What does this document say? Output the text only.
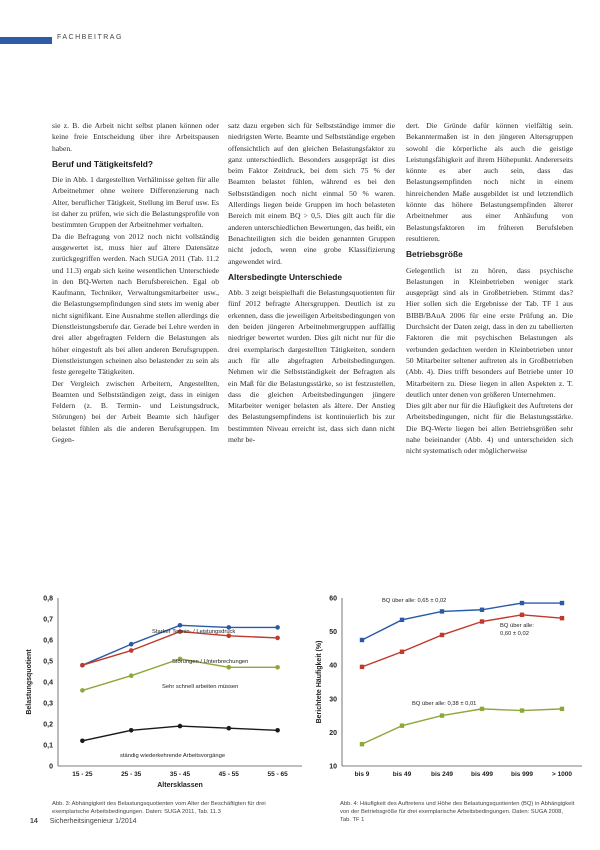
FACHBEITRAG

sie z. B. die Arbeit nicht selbst planen können oder keine freie Entscheidung über ihre Arbeitspausen haben.

Beruf und Tätigkeitsfeld?

Die in Abb. 1 dargestellten Verhältnisse gelten für alle Arbeitnehmer ohne weitere Differenzierung nach Alter, beruflicher Tätigkeit, Stellung im Beruf usw. Es ist daher zu prüfen, wie sich die Belastungsprofile von bestimmten Gruppen der Arbeitnehmer verhalten.

Da die Befragung von 2012 noch nicht vollständig ausgewertet ist, muss hier auf ältere Datensätze zurückgegriffen werden. Nach SUGA 2011 (Tab. 11.2 und 11.3) ergab sich keine wesentlichen Unterschiede in den BQ-Werten nach Berufsbereichen. Egal ob Kaufmann, Techniker, Verwaltungsmitarbeiter usw., die Belastungsempfindungen sind stets im wenig aber nicht signifikant. Eine Ausnahme stellen allerdings die Dienstleistungsberufe dar. Gerade bei Lehre werden in drei aller abgefragten Feldern die Belastungen als höher eingestuft als bei allen anderen Berufsgruppen. Dienstleistungen scheinen also belastender zu sein als feste geregelte Tätigkeiten.

Der Vergleich zwischen Arbeitern, Angestellten, Beamten und Selbstständigen zeigt, dass in einigen Feldern (z. B. Termin- und Leistungsdruck, Störungen) bei der Arbeit Beamte sich häufiger belastet fühlen als die anderen Berufsgruppen. Im Gegen-

satz dazu ergeben sich für Selbstständige immer die niedrigsten Werte. Beamte und Selbstständige ergeben offensichtlich auf den gleichen Belastungsfaktor zu ganz unterschiedlich. Besonders ausgeprägt ist dies beim Faktor Zeitdruck, bei dem sich 75 % der Beamten belastet fühlen, während es bei den Selbstständigen noch nicht einmal 50 % waren. Allerdings liegen beide Gruppen im hoch belasteten Bereich mit einem BQ > 0,5. Dies gilt auch für die anderen unterschiedlichen Bewertungen, das heißt, ein Benachteiligten sich die beiden genannten Gruppen nicht jedoch, wenn eine grobe Klassifizierung angewendet wird.

Altersbedingte Unterschiede

Abb. 3 zeigt beispielhaft die Belastungsquotienten für fünf 2012 befragte Altersgruppen. Deutlich ist zu erkennen, dass die jeweiligen Arbeitsbedingungen von den beiden jüngeren Arbeitnehmergruppen auffällig niedriger bewertet wurden. Dies gilt nicht nur für die drei exemplarisch dargestellten Tätigkeiten, sondern auch für alle abgefragten Arbeitsbedingungen. Nehmen wir die Selbstständigkeit der Befragten als ein Maß für die Belastungsstärke, so ist festzustellen, dass die gleichen Arbeitsbedingungen jüngere Mitarbeiter weniger belasten als ältere. Der Anstieg des Belastungsempfindens ist kontinuierlich bis zur bestimmten Niveau erreicht ist, dass sich dann nicht mehr be-

dert. Die Gründe dafür können vielfältig sein. Bekanntermaßen ist in den jüngeren Altersgruppen sowohl die körperliche als auch die geistige Leistungsfähigkeit auf ihrem Höhepunkt. Andererseits könnte es aber auch sein, dass das Belastungsempfinden noch nicht in einem hinreichenden Maße ausgebildet ist und letztendlich könnte das höhere Belastungsempfinden älterer Arbeitnehmer aus einer Anhäufung von Belastungsfaktoren im früheren Berufsleben resultieren.

Betriebsgröße

Gelegentlich ist zu hören, dass psychische Belastungen in Kleinbetrieben weniger stark ausgeprägt sind als in Großbetrieben. Stimmt das? Hier sollen sich die Ergebnisse der Tab. TF 1 aus BIBB/BAuA 2006 für eine erste Prüfung an. Die Durchsicht der Daten zeigt, dass in den zu tabellierten Faktoren die mit psychischen Belastungen als verbunden gedachten werden in Kleinbetrieben unter 50 Mitarbeiter seltener auftreten als in Großbetrieben (Abb. 4). Dies trifft besonders auf Betriebe unter 10 Mitarbeitern zu. Diese liegen in allen Aspekten z. T. deutlich unter denen von größeren Unternehmen.

Dies gilt aber nur für die Häufigkeit des Auftretens der Arbeitsbedingungen, nicht für die Belastungsstärke. Die BQ-Werte liegen bei allen Betriebsgrößen sehr nahe beieinander (Abb. 4) und unterscheiden sich nicht systematisch oder möglicherweise

0
0,1
0,2
0,3
0,4
0,5
0,6
0,7
0,8
15 - 25	25 - 35	35 - 45	45 - 55	55 - 65
Belastungsquotient
Altersklassen
Starker Termin- / Leistungsdruck
Störungen / Unterbrechungen
Sehr schnell arbeiten müssen
ständig wiederkehrende Arbeitsvorgänge
10
20
30
40
50
60
bis 9	bis 49	bis 249	bis 499	bis 999	> 1000
Berichtete Häufigkeit (%)
BQ über alle: 0,65 ± 0,02
BQ über alle:
0,60 ± 0,02
BQ über alle: 0,38 ± 0,01
Abb. 3: Abhängigkeit des Belastungsquotienten vom Alter der Beschäftigten für drei exemplarische Arbeitsbedingungen. Daten: SUGA 2011, Tab. 11.3
Abb. 4: Häufigkeit des Auftretens und Höhe des Belastungsquotienten (BQ) in Abhängigkeit von der Betriebsgröße für drei exemplarische Arbeitsbedingungen. Daten: SUGA 2008, Tab. TF 1
14 Sicherheitsingenieur 1/2014
